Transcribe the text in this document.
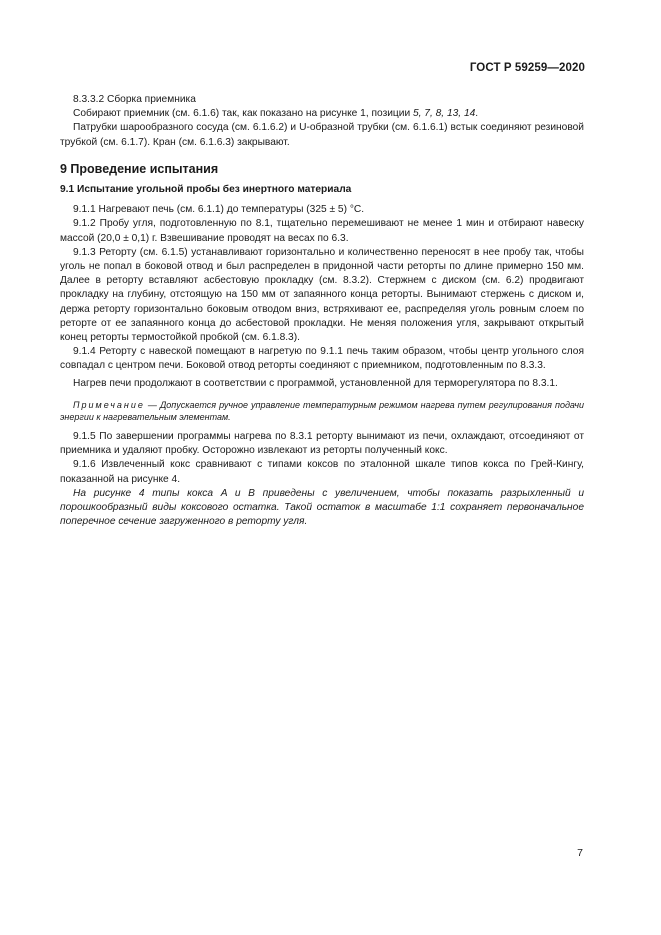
ГОСТ Р 59259—2020

8.3.3.2 Сборка приемника

Собирают приемник (см. 6.1.6) так, как показано на рисунке 1, позиции 5, 7, 8, 13, 14.

Патрубки шарообразного сосуда (см. 6.1.6.2) и U-образной трубки (см. 6.1.6.1) встык соединяют резиновой трубкой (см. 6.1.7). Кран (см. 6.1.6.3) закрывают.

9 Проведение испытания
9.1 Испытание угольной пробы без инертного материала

9.1.1 Нагревают печь (см. 6.1.1) до температуры (325 ± 5) °С.

9.1.2 Пробу угля, подготовленную по 8.1, тщательно перемешивают не менее 1 мин и отбирают навеску массой (20,0 ± 0,1) г. Взвешивание проводят на весах по 6.3.

9.1.3 Реторту (см. 6.1.5) устанавливают горизонтально и количественно переносят в нее пробу так, чтобы уголь не попал в боковой отвод и был распределен в придонной части реторты по длине примерно 150 мм. Далее в реторту вставляют асбестовую прокладку (см. 8.3.2). Стержнем с диском (см. 6.2) продвигают прокладку на глубину, отстоящую на 150 мм от запаянного конца реторты. Вынимают стержень с диском и, держа реторту горизонтально боковым отводом вниз, встряхивают ее, распределяя уголь ровным слоем по реторте от ее запаянного конца до асбестовой прокладки. Не меняя положения угля, закрывают открытый конец реторты термостойкой пробкой (см. 6.1.8.3).

9.1.4 Реторту с навеской помещают в нагретую по 9.1.1 печь таким образом, чтобы центр угольного слоя совпадал с центром печи. Боковой отвод реторты соединяют с приемником, подготовленным по 8.3.3.

Нагрев печи продолжают в соответствии с программой, установленной для терморегулятора по 8.3.1.

Примечание — Допускается ручное управление температурным режимом нагрева путем регулирования подачи энергии к нагревательным элементам.

9.1.5 По завершении программы нагрева по 8.3.1 реторту вынимают из печи, охлаждают, отсоединяют от приемника и удаляют пробку. Осторожно извлекают из реторты полученный кокс.

9.1.6 Извлеченный кокс сравнивают с типами коксов по эталонной шкале типов кокса по Грей-Кингу, показанной на рисунке 4.

На рисунке 4 типы кокса A и B приведены с увеличением, чтобы показать разрыхленный и порошкообразный виды коксового остатка. Такой остаток в масштабе 1:1 сохраняет первоначальное поперечное сечение загруженного в реторту угля.

7
